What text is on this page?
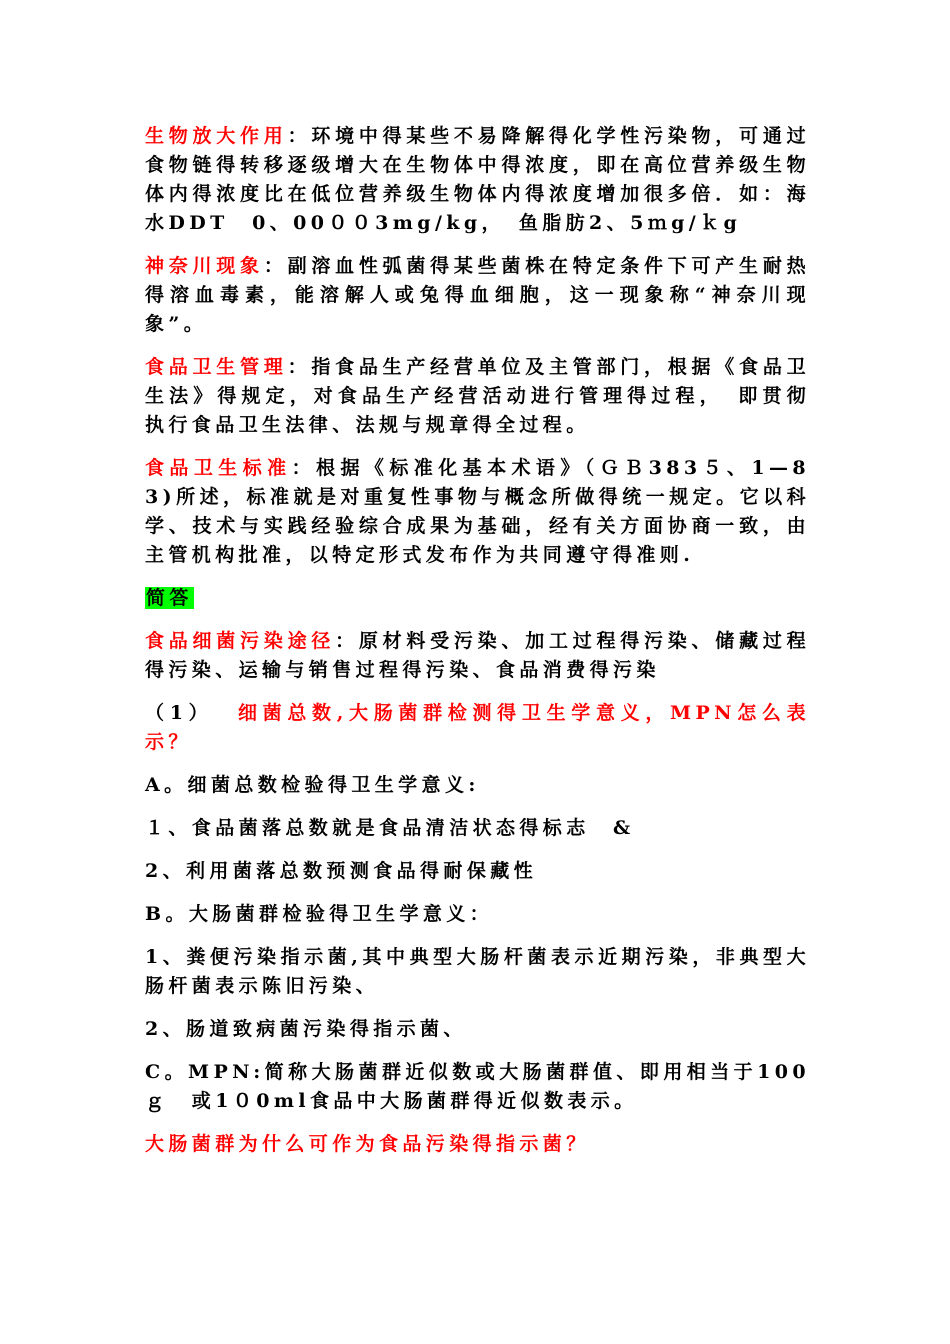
生物放大作用：环境中得某些不易降解得化学性污染物，可通过食物链得转移逐级增大在生物体中得浓度，即在高位营养级生物体内得浓度比在低位营养级生物体内得浓度增加很多倍．如：海水DDT　0、00００3mg/kg，　鱼脂肪2、5ｍg/ｋg

神奈川现象：副溶血性弧菌得某些菌株在特定条件下可产生耐热得溶血毒素，能溶解人或兔得血细胞，这一现象称“神奈川现象”。

食品卫生管理：指食品生产经营单位及主管部门，根据《食品卫生法》得规定，对食品生产经营活动进行管理得过程，　即贯彻执行食品卫生法律、法规与规章得全过程。

食品卫生标准：根据《标准化基本术语》（ＧＢ383５、1—83)所述，标准就是对重复性事物与概念所做得统一规定。它以科学、技术与实践经验综合成果为基础，经有关方面协商一致，由主管机构批准，以特定形式发布作为共同遵守得准则.

简答

食品细菌污染途径：原材料受污染、加工过程得污染、储藏过程得污染、运输与销售过程得污染、食品消费得污染

（1） 细菌总数,大肠菌群检测得卫生学意义，MPN怎么表示？

A。细菌总数检验得卫生学意义:

１、食品菌落总数就是食品清洁状态得标志　&

2、利用菌落总数预测食品得耐保藏性

B。大肠菌群检验得卫生学意义：

1、粪便污染指示菌,其中典型大肠杆菌表示近期污染，非典型大肠杆菌表示陈旧污染、

2、肠道致病菌污染得指示菌、

C。MPN:简称大肠菌群近似数或大肠菌群值、即用相当于100ｇ　或1０0ml食品中大肠菌群得近似数表示。

大肠菌群为什么可作为食品污染得指示菌？
